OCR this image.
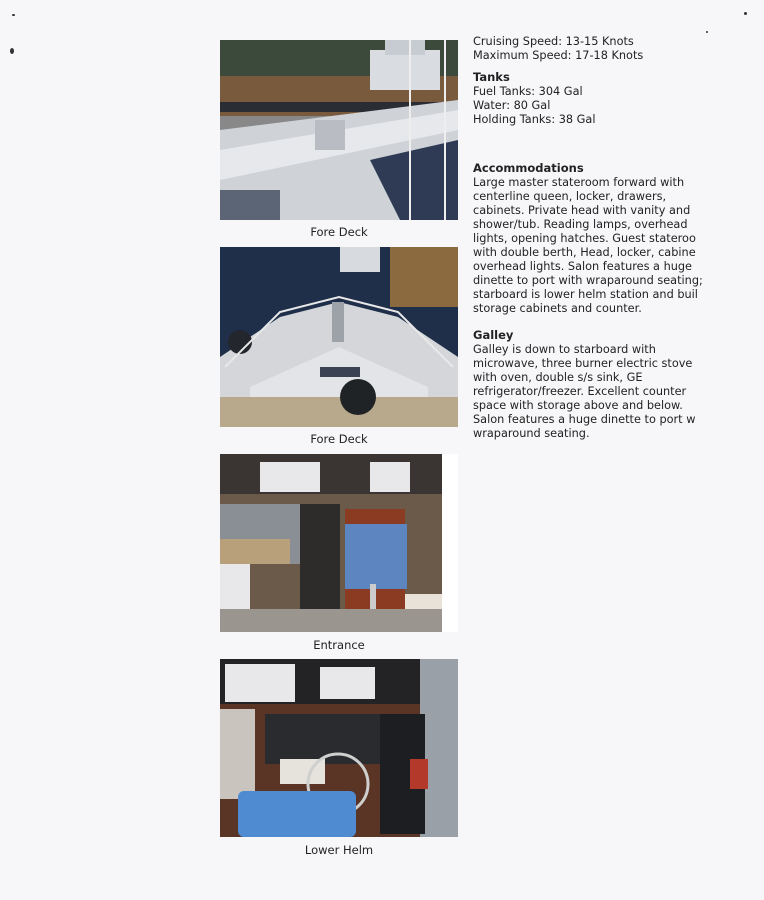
Fore Deck
Fore Deck
Entrance
Lower Helm
Cruising Speed: 13-15 Knots
Maximum Speed: 17-18 Knots
Tanks
Fuel Tanks: 304 Gal
Water: 80 Gal
Holding Tanks: 38 Gal
Accommodations
Large master stateroom forward with
centerline queen, locker, drawers,
cabinets. Private head with vanity and
shower/tub. Reading lamps, overhead
lights, opening hatches. Guest stateroo
with double berth, Head, locker, cabine
overhead lights. Salon features a huge
dinette to port with wraparound seating;
starboard is lower helm station and buil
storage cabinets and counter.
Galley
Galley is down to starboard with
microwave, three burner electric stove
with oven, double s/s sink, GE
refrigerator/freezer. Excellent counter
space with storage above and below.
Salon features a huge dinette to port w
wraparound seating.
